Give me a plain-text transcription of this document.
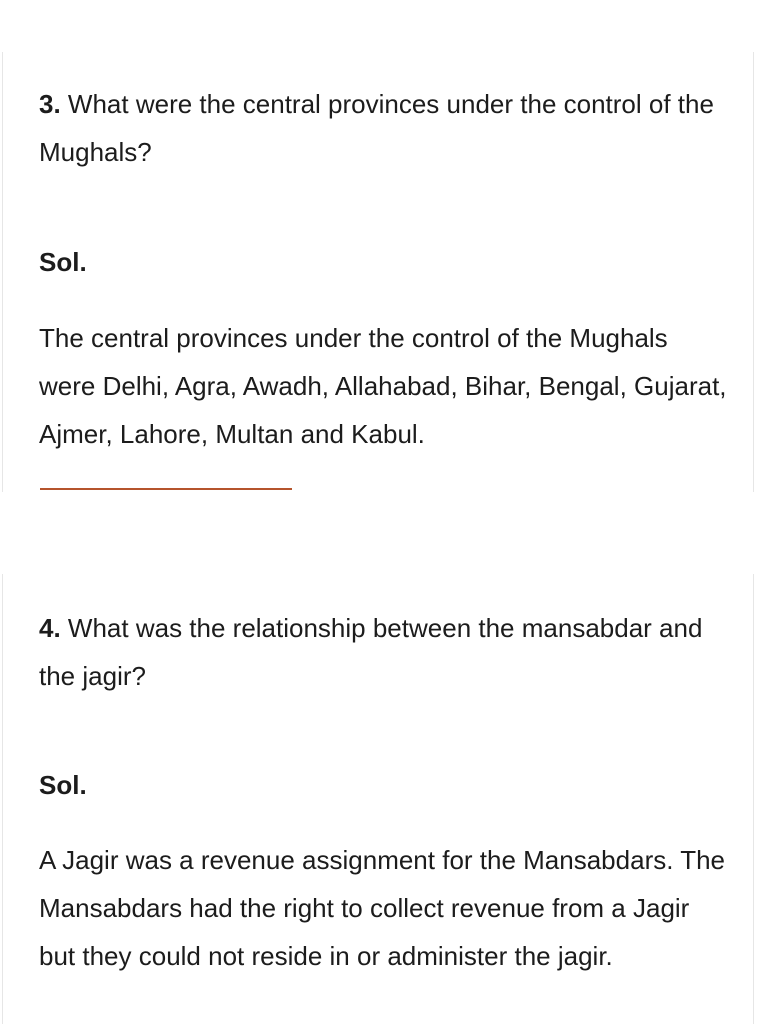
3. What were the central provinces under the control of the Mughals?

Sol.

The central provinces under the control of the Mughals were Delhi, Agra, Awadh, Allahabad, Bihar, Bengal, Gujarat, Ajmer, Lahore, Multan and Kabul.

4. What was the relationship between the mansabdar and the jagir?

Sol.

A Jagir was a revenue assignment for the Mansabdars. The Mansabdars had the right to collect revenue from a Jagir but they could not reside in or administer the jagir.
